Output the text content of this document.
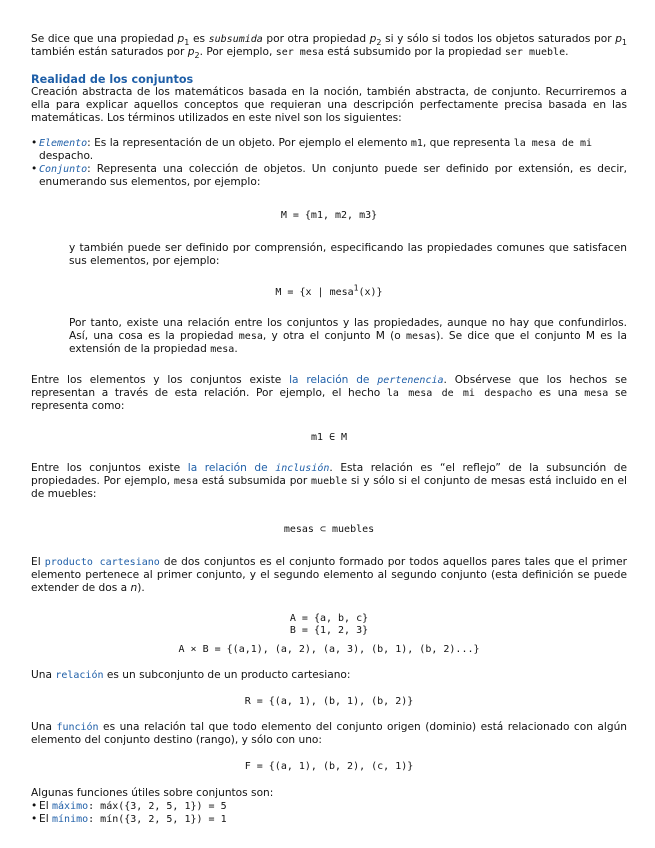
Se dice que una propiedad $p_1$ es subsumida por otra propiedad $p_2$ si y sólo si todos los objetos saturados por $p_1$ también están saturados por $p_2$. Por ejemplo, ser mesa está subsumido por la propiedad ser mueble.

Realidad de los conjuntos

Creación abstracta de los matemáticos basada en la noción, también abstracta, de conjunto. Recurriremos a ella para explicar aquellos conceptos que requieran una descripción perfectamente precisa basada en las matemáticas. Los términos utilizados en este nivel son los siguientes:

• Elemento: Es la representación de un objeto. Por ejemplo el elemento m1, que representa la mesa de mi despacho.
• Conjunto: Representa una colección de objetos. Un conjunto puede ser definido por extensión, es decir, enumerando sus elementos, por ejemplo:
M = {m1, m2, m3}

y también puede ser definido por comprensión, especificando las propiedades comunes que satisfacen sus elementos, por ejemplo:

M = {x | mesa$^1$(x)}

Por tanto, existe una relación entre los conjuntos y las propiedades, aunque no hay que confundirlos. Así, una cosa es la propiedad mesa, y otra el conjunto M (o mesas). Se dice que el conjunto M es la extensión de la propiedad mesa.

Entre los elementos y los conjuntos existe la relación de pertenencia. Obsérvese que los hechos se representan a través de esta relación. Por ejemplo, el hecho la mesa de mi despacho es una mesa se representa como:

m1 ∈ M

Entre los conjuntos existe la relación de inclusión. Esta relación es “el reflejo” de la subsunción de propiedades. Por ejemplo, mesa está subsumida por mueble si y sólo si el conjunto de mesas está incluido en el de muebles:

mesas ⊂ muebles

El producto cartesiano de dos conjuntos es el conjunto formado por todos aquellos pares tales que el primer elemento pertenece al primer conjunto, y el segundo elemento al segundo conjunto (esta definición se puede extender de dos a n).

A = {a, b, c}
B = {1, 2, 3}
A × B = {(a,1), (a, 2), (a, 3), (b, 1), (b, 2)...}

Una relación es un subconjunto de un producto cartesiano:

R = {(a, 1), (b, 1), (b, 2)}

Una función es una relación tal que todo elemento del conjunto origen (dominio) está relacionado con algún elemento del conjunto destino (rango), y sólo con uno:

F = {(a, 1), (b, 2), (c, 1)}

Algunas funciones útiles sobre conjuntos son:

• El máximo: máx({3, 2, 5, 1}) = 5
• El mínimo: mín({3, 2, 5, 1}) = 1
